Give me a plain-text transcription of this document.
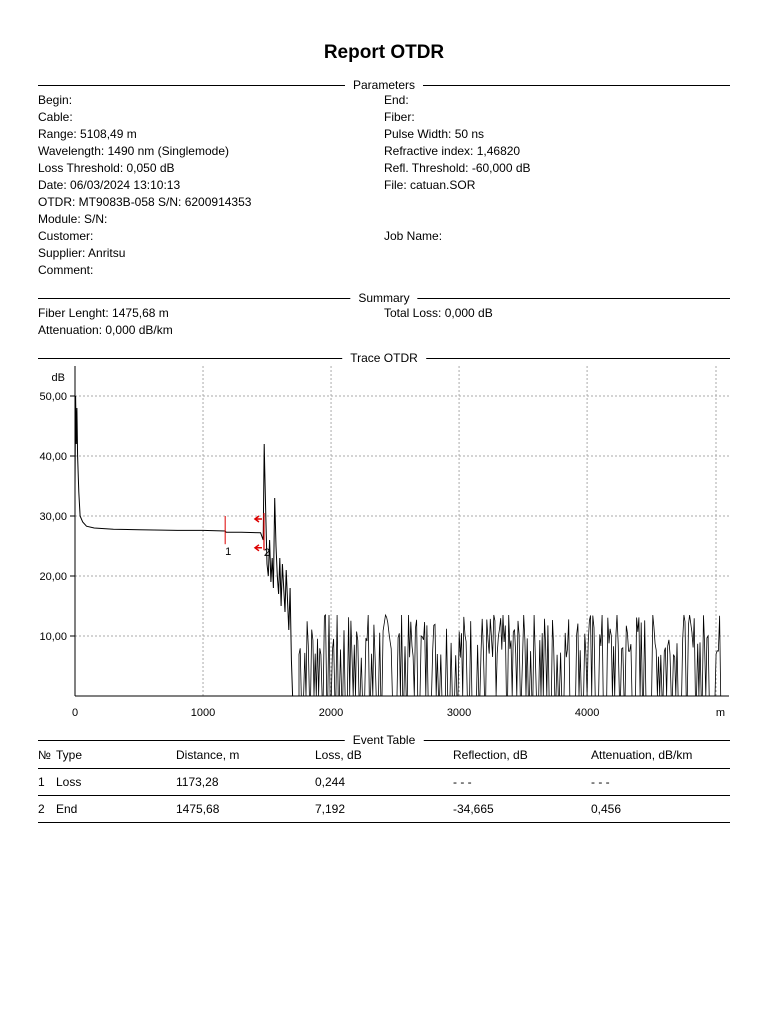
Report OTDR
Parameters
Begin:
Cable:
Range: 5108,49 m
Wavelength: 1490 nm (Singlemode)
Loss Threshold: 0,050 dB
Date: 06/03/2024 13:10:13
OTDR: MT9083B-058 S/N: 6200914353
Module: S/N:
Customer:
Supplier: Anritsu
Comment:
End:
Fiber:
Pulse Width: 50 ns
Refractive index: 1,46820
Refl. Threshold: -60,000 dB
File: catuan.SOR
Job Name:
Summary
Fiber Lenght: 1475,68 m
Attenuation: 0,000 dB/km
Total Loss: 0,000 dB
Trace OTDR
0	1000	2000	3000	4000
10,00
20,00
30,00
40,00
50,00
dB
m
1	2
Event Table
№ Type	Distance, m	Loss, dB	Reflection, dB	Attenuation, dB/km
1 Loss	1173,28	0,244	- - -	- - -
2 End	1475,68	7,192	-34,665	0,456
